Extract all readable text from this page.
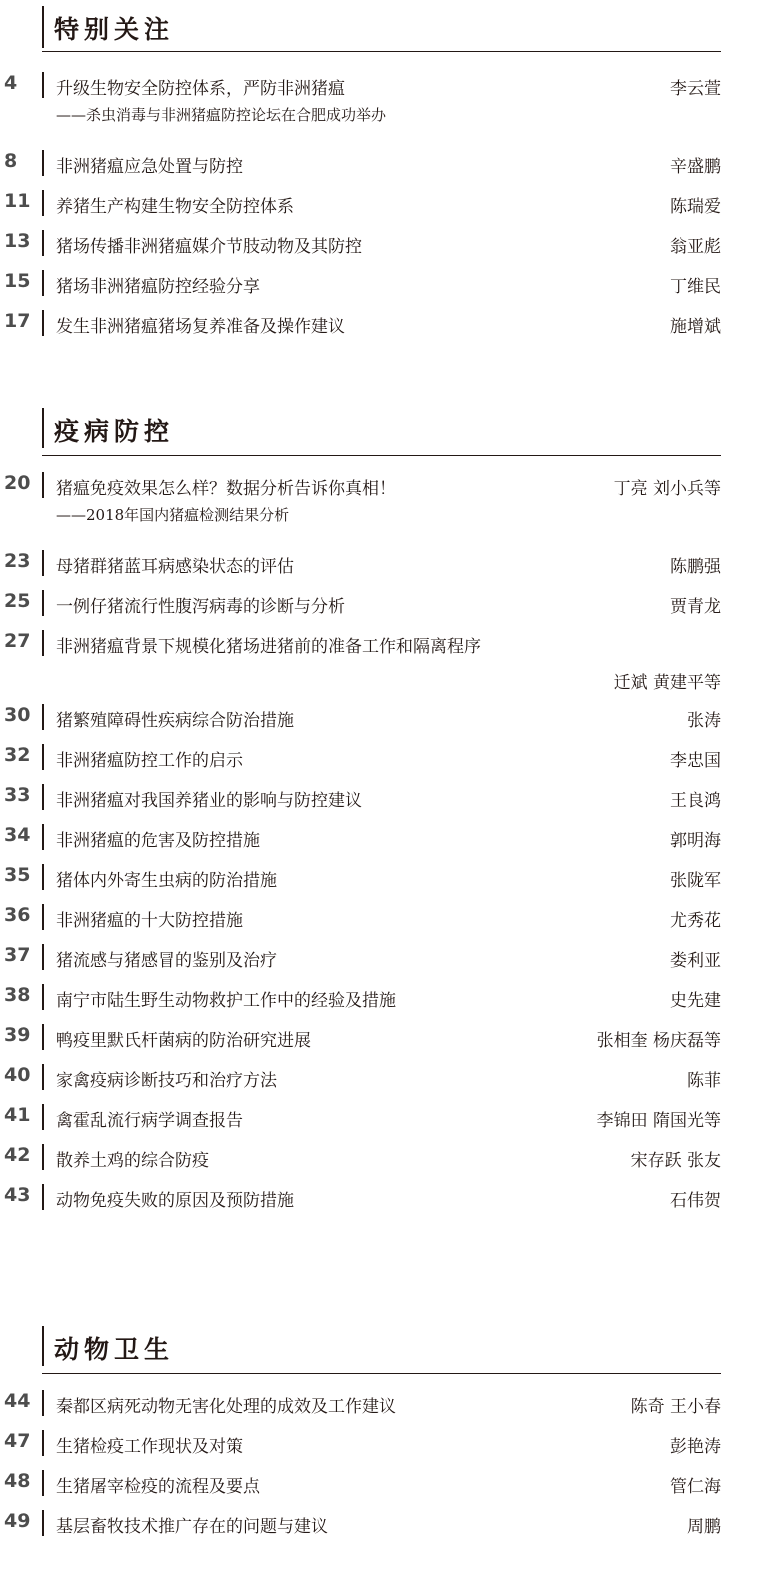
特别关注
4 升级生物安全防控体系，严防非洲猪瘟	李云萱
——杀虫消毒与非洲猪瘟防控论坛在合肥成功举办
8 非洲猪瘟应急处置与防控	辛盛鹏
11 养猪生产构建生物安全防控体系	陈瑞爱
13 猪场传播非洲猪瘟媒介节肢动物及其防控	翁亚彪
15 猪场非洲猪瘟防控经验分享	丁维民
17 发生非洲猪瘟猪场复养准备及操作建议	施增斌
疫病防控
20 猪瘟免疫效果怎么样？数据分析告诉你真相！	丁亮 刘小兵等
——2018年国内猪瘟检测结果分析
23 母猪群猪蓝耳病感染状态的评估	陈鹏强
25 一例仔猪流行性腹泻病毒的诊断与分析	贾青龙
27 非洲猪瘟背景下规模化猪场进猪前的准备工作和隔离程序
迁斌 黄建平等
30 猪繁殖障碍性疾病综合防治措施	张涛
32 非洲猪瘟防控工作的启示	李忠国
33 非洲猪瘟对我国养猪业的影响与防控建议	王良鸿
34 非洲猪瘟的危害及防控措施	郭明海
35 猪体内外寄生虫病的防治措施	张陇军
36 非洲猪瘟的十大防控措施	尤秀花
37 猪流感与猪感冒的鉴别及治疗	娄利亚
38 南宁市陆生野生动物救护工作中的经验及措施	史先建
39 鸭疫里默氏杆菌病的防治研究进展	张相奎 杨庆磊等
40 家禽疫病诊断技巧和治疗方法	陈菲
41 禽霍乱流行病学调查报告	李锦田 隋国光等
42 散养土鸡的综合防疫	宋存跃 张友
43 动物免疫失败的原因及预防措施	石伟贺
动物卫生
44 秦都区病死动物无害化处理的成效及工作建议	陈奇 王小春
47 生猪检疫工作现状及对策	彭艳涛
48 生猪屠宰检疫的流程及要点	管仁海
49 基层畜牧技术推广存在的问题与建议	周鹏
